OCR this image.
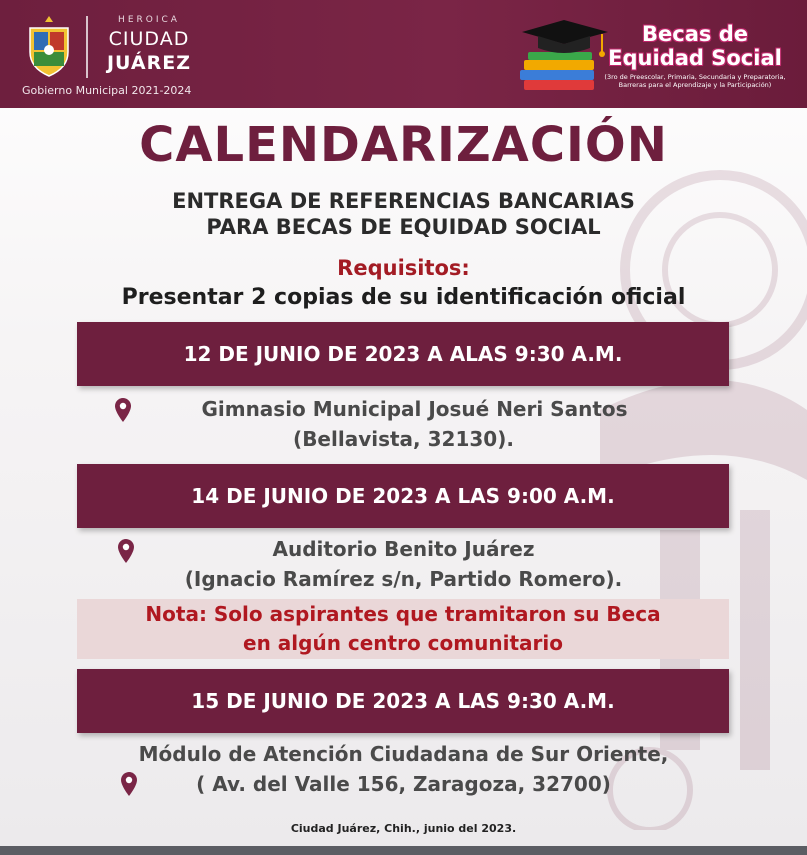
HEROICA
CIUDAD
JUÁREZ
Gobierno Municipal 2021-2024
Becas de
Equidad Social
(3ro de Preescolar, Primaria, Secundaria y Preparatoria,
Barreras para el Aprendizaje y la Participación)
CALENDARIZACIÓN
ENTREGA DE REFERENCIAS BANCARIAS
PARA BECAS DE EQUIDAD SOCIAL
Requisitos:
Presentar 2 copias de su identificación oficial
12 DE JUNIO DE 2023 A ALAS 9:30 A.M.
Gimnasio Municipal Josué Neri Santos
(Bellavista, 32130).
14 DE JUNIO DE 2023 A LAS 9:00 A.M.
Auditorio Benito Juárez
(Ignacio Ramírez s/n, Partido Romero).
Nota: Solo aspirantes que tramitaron su Beca
en algún centro comunitario
15 DE JUNIO DE 2023 A LAS 9:30 A.M.
Módulo de Atención Ciudadana de Sur Oriente,
( Av. del Valle 156, Zaragoza, 32700)
Ciudad Juárez, Chih., junio del 2023.
